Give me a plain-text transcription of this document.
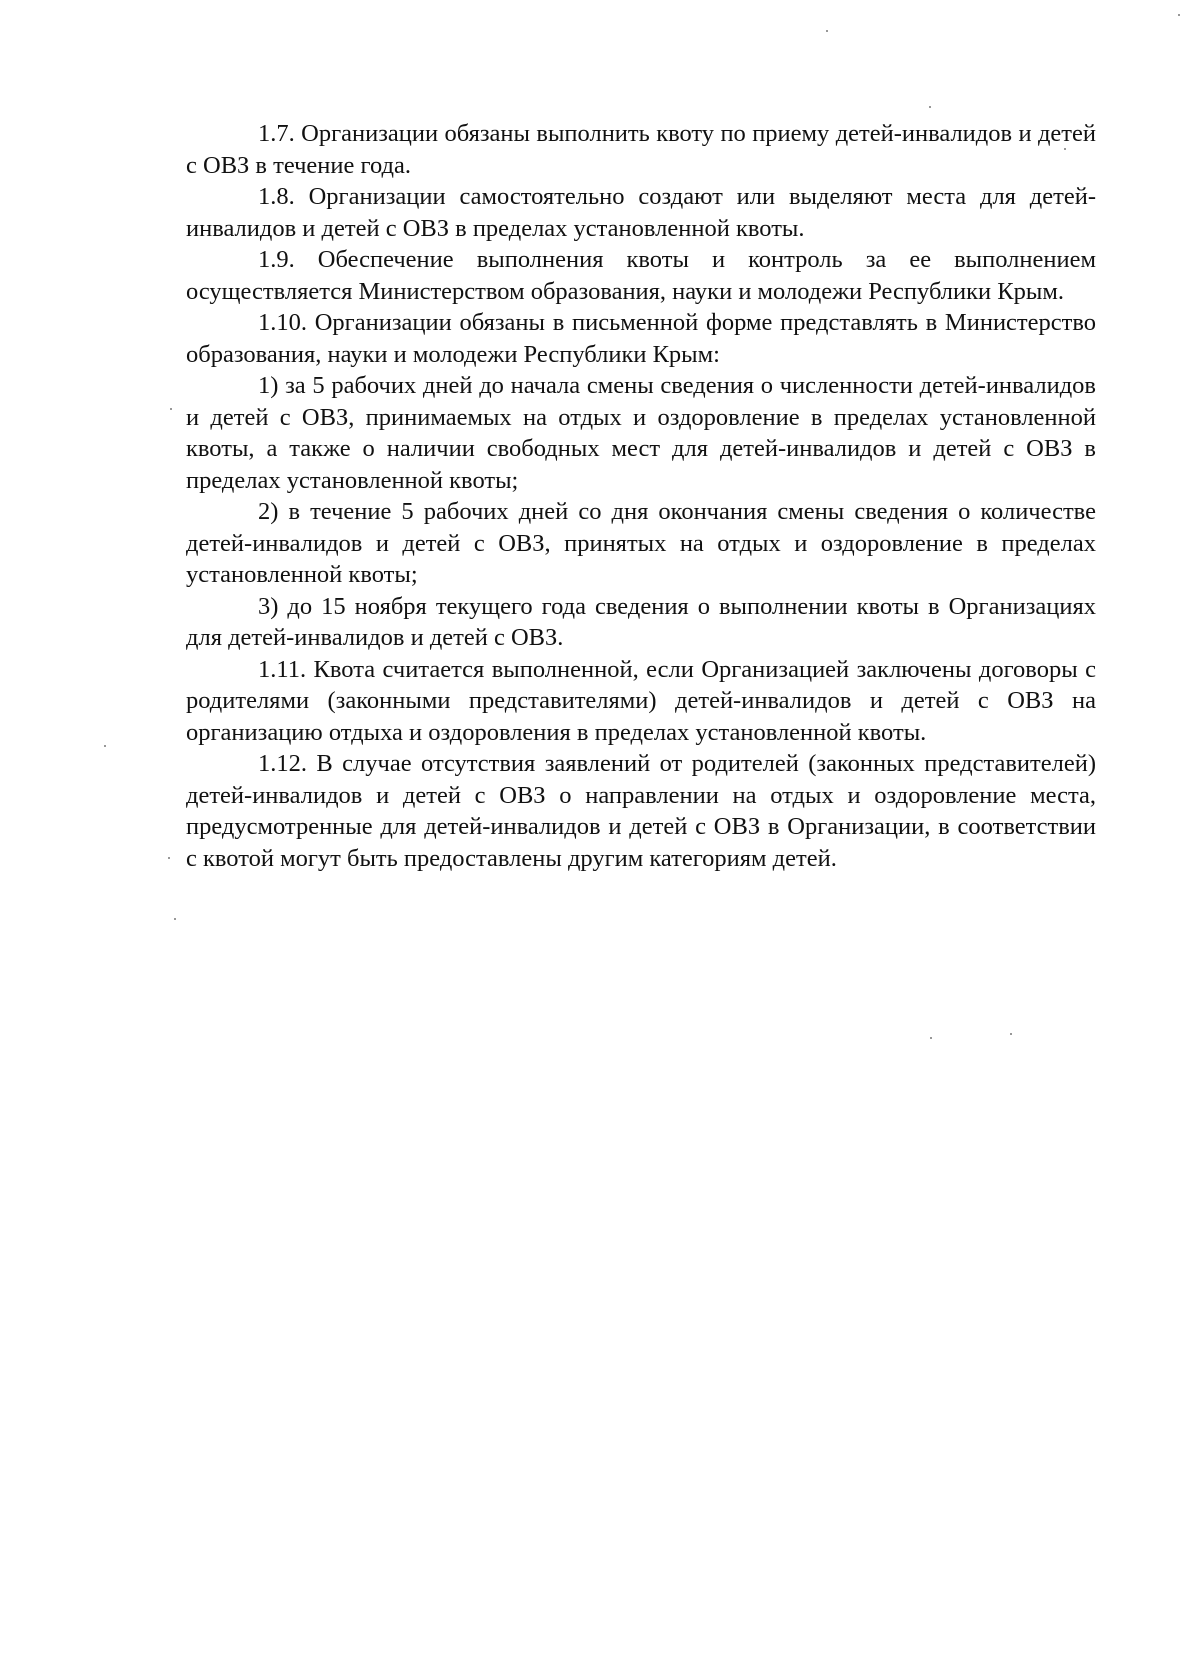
1.7. Организации обязаны выполнить квоту по приему детей-инвалидов и детей с ОВЗ в течение года.

1.8. Организации самостоятельно создают или выделяют места для детей-инвалидов и детей с ОВЗ в пределах установленной квоты.

1.9. Обеспечение выполнения квоты и контроль за ее выполнением осуществляется Министерством образования, науки и молодежи Республики Крым.

1.10. Организации обязаны в письменной форме представлять в Министерство образования, науки и молодежи Республики Крым:

1) за 5 рабочих дней до начала смены сведения о численности детей-инвалидов и детей с ОВЗ, принимаемых на отдых и оздоровление в пределах установленной квоты, а также о наличии свободных мест для детей-инвалидов и детей с ОВЗ в пределах установленной квоты;

2) в течение 5 рабочих дней со дня окончания смены сведения о количестве детей-инвалидов и детей с ОВЗ, принятых на отдых и оздоровление в пределах установленной квоты;

3) до 15 ноября текущего года сведения о выполнении квоты в Организациях для детей-инвалидов и детей с ОВЗ.

1.11. Квота считается выполненной, если Организацией заключены договоры с родителями (законными представителями) детей-инвалидов и детей с ОВЗ на организацию отдыха и оздоровления в пределах установленной квоты.

1.12. В случае отсутствия заявлений от родителей (законных представителей) детей-инвалидов и детей с ОВЗ о направлении на отдых и оздоровление места, предусмотренные для детей-инвалидов и детей с ОВЗ в Организации, в соответствии с квотой могут быть предоставлены другим категориям детей.
